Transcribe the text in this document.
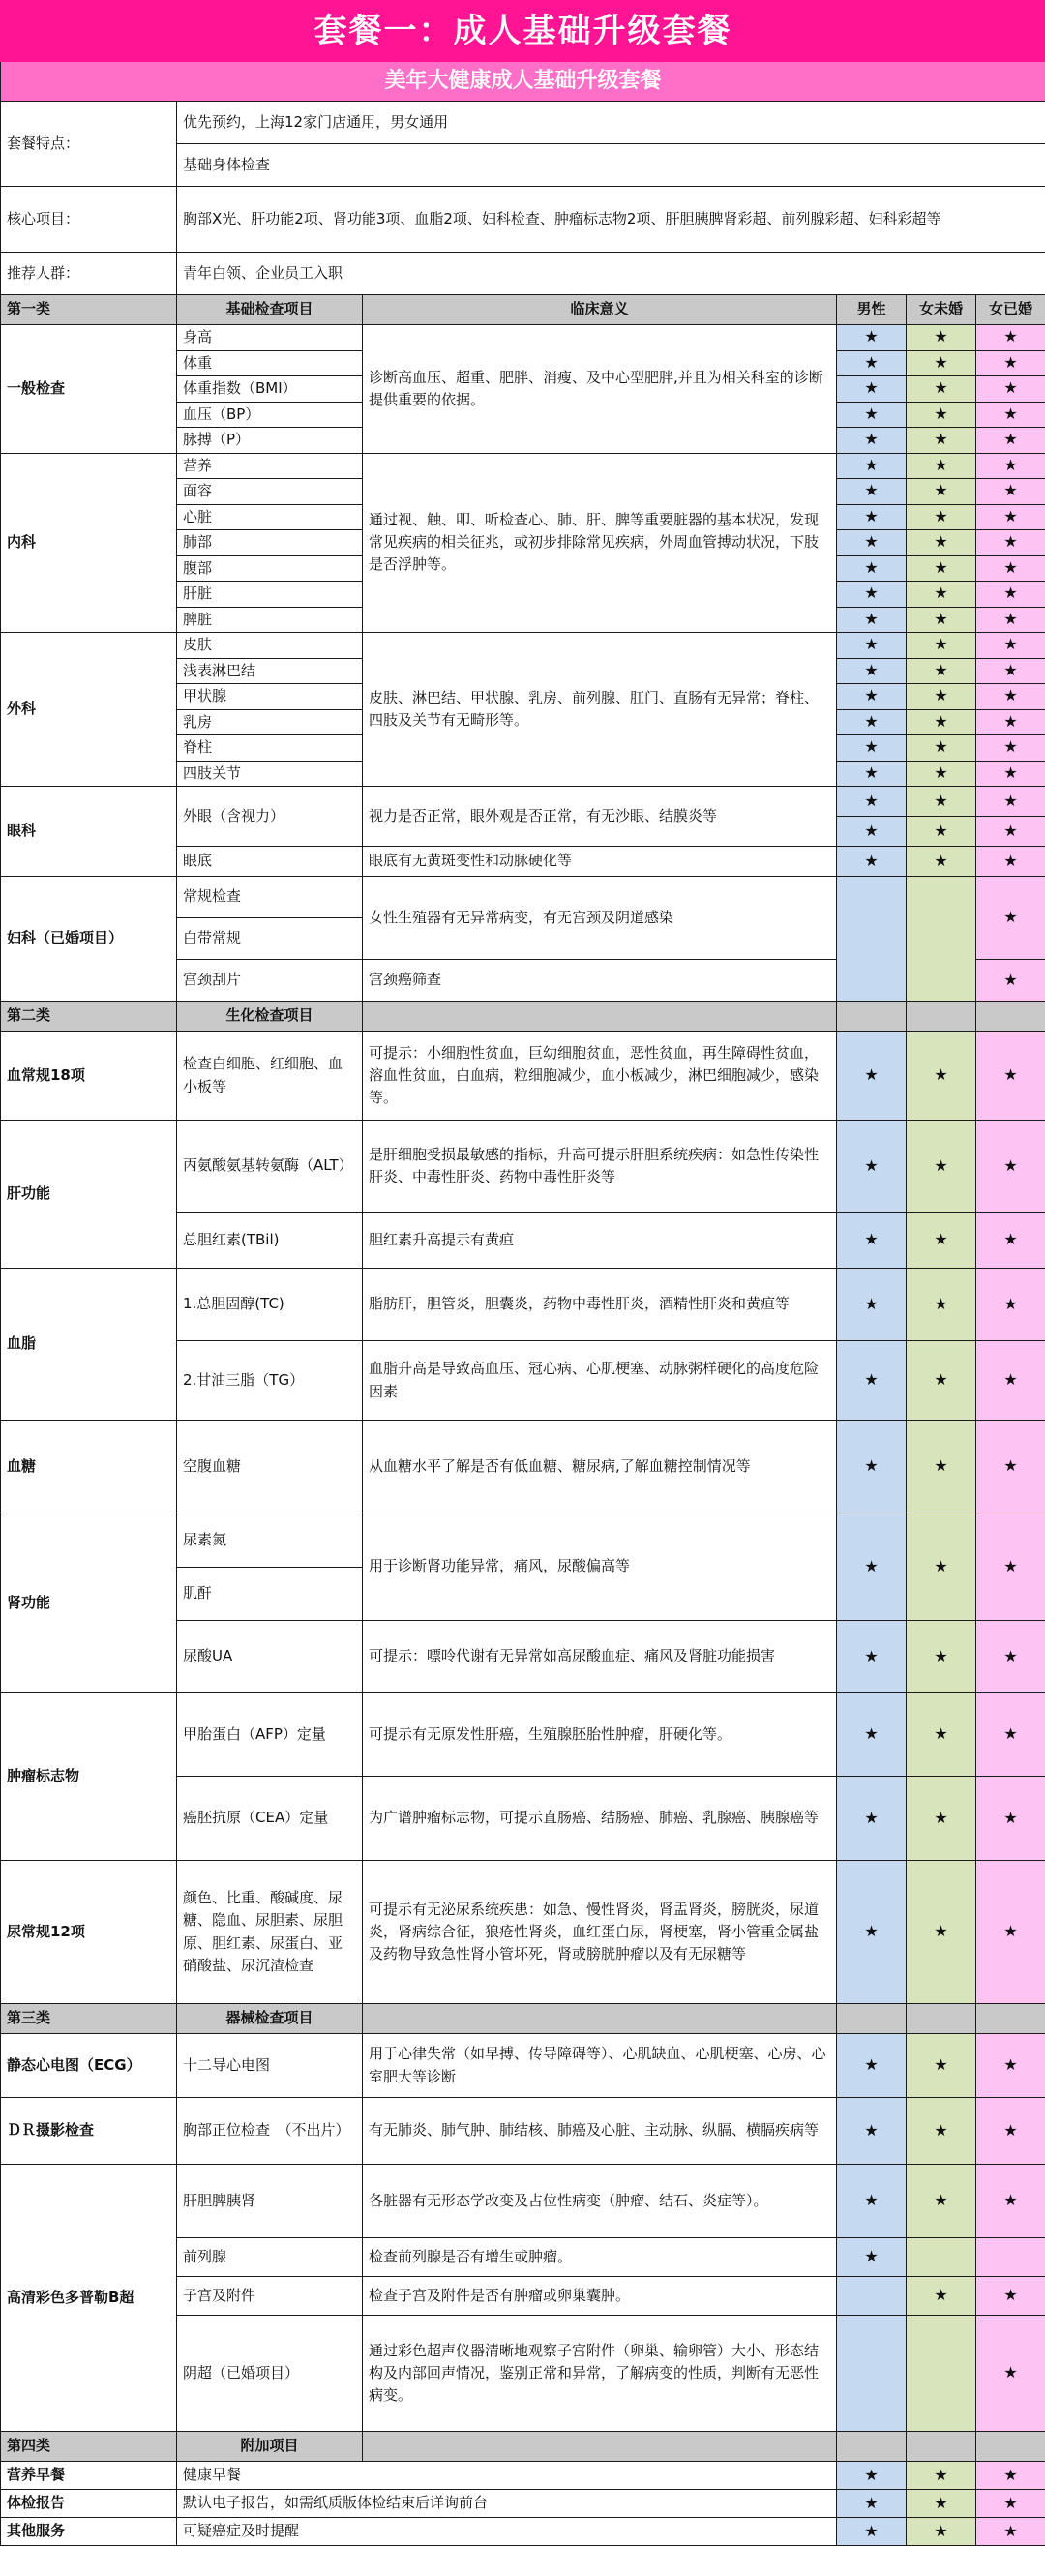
套餐一：成人基础升级套餐					
美年大健康成人基础升级套餐					
套餐特点：	优先预约，上海12家门店通用，男女通用				
	基础身体检查				
核心项目：	胸部X光、肝功能2项、肾功能3项、血脂2项、妇科检查、肿瘤标志物2项、肝胆胰脾肾彩超、前列腺彩超、妇科彩超等				
推荐人群：	青年白领、企业员工入职				
第一类	基础检查项目	临床意义	男性	女未婚	女已婚
一般检查	身高	诊断高血压、超重、肥胖、消瘦、及中心型肥胖,并且为相关科室的诊断提供重要的依据。	★	★	★
	体重		★	★	★
	体重指数（BMI）		★	★	★
	血压（BP）		★	★	★
	脉搏（P）		★	★	★
内科	营养	通过视、触、叩、听检查心、肺、肝、脾等重要脏器的基本状况，发现常见疾病的相关征兆，或初步排除常见疾病，外周血管搏动状况，下肢是否浮肿等。	★	★	★
	面容		★	★	★
	心脏		★	★	★
	肺部		★	★	★
	腹部		★	★	★
	肝脏		★	★	★
	脾脏		★	★	★
外科	皮肤	皮肤、淋巴结、甲状腺、乳房、前列腺、肛门、直肠有无异常；脊柱、四肢及关节有无畸形等。	★	★	★
	浅表淋巴结		★	★	★
	甲状腺		★	★	★
	乳房		★	★	★
	脊柱		★	★	★
	四肢关节		★	★	★
眼科	外眼（含视力）	视力是否正常，眼外观是否正常，有无沙眼、结膜炎等	★	★	★
			★	★	★
	眼底	眼底有无黄斑变性和动脉硬化等	★	★	★
妇科（已婚项目）	常规检查	女性生殖器有无异常病变，有无宫颈及阴道感染			★
	白带常规				
	宫颈刮片	宫颈癌筛查			★
第二类	生化检查项目				
血常规18项	检查白细胞、红细胞、血小板等	可提示：小细胞性贫血，巨幼细胞贫血，恶性贫血，再生障碍性贫血，溶血性贫血，白血病，粒细胞减少，血小板减少，淋巴细胞减少，感染等。	★	★	★
肝功能	丙氨酸氨基转氨酶（ALT）	是肝细胞受损最敏感的指标，升高可提示肝胆系统疾病：如急性传染性肝炎、中毒性肝炎、药物中毒性肝炎等	★	★	★
	总胆红素(TBil)	胆红素升高提示有黄疸	★	★	★
血脂	1.总胆固醇(TC)	脂肪肝，胆管炎，胆囊炎，药物中毒性肝炎，酒精性肝炎和黄疸等	★	★	★
	2.甘油三脂（TG）	血脂升高是导致高血压、冠心病、心肌梗塞、动脉粥样硬化的高度危险因素	★	★	★
血糖	空腹血糖	从血糖水平了解是否有低血糖、糖尿病,了解血糖控制情况等	★	★	★
肾功能	尿素氮	用于诊断肾功能异常，痛风，尿酸偏高等	★	★	★
	肌酐				
	尿酸UA	可提示：嘌呤代谢有无异常如高尿酸血症、痛风及肾脏功能损害	★	★	★
肿瘤标志物	甲胎蛋白（AFP）定量	可提示有无原发性肝癌，生殖腺胚胎性肿瘤，肝硬化等。	★	★	★
	癌胚抗原（CEA）定量	为广谱肿瘤标志物，可提示直肠癌、结肠癌、肺癌、乳腺癌、胰腺癌等	★	★	★
尿常规12项	颜色、比重、酸碱度、尿糖、隐血、尿胆素、尿胆原、胆红素、尿蛋白、亚硝酸盐、尿沉渣检查	可提示有无泌尿系统疾患：如急、慢性肾炎，肾盂肾炎，膀胱炎，尿道炎，肾病综合征，狼疮性肾炎，血红蛋白尿，肾梗塞，肾小管重金属盐及药物导致急性肾小管坏死，肾或膀胱肿瘤以及有无尿糖等	★	★	★
第三类	器械检查项目				
静态心电图（ECG）	十二导心电图	用于心律失常（如早搏、传导障碍等）、心肌缺血、心肌梗塞、心房、心室肥大等诊断	★	★	★
ＤＲ摄影检查	胸部正位检查　（不出片）	有无肺炎、肺气肿、肺结核、肺癌及心脏、主动脉、纵膈、横膈疾病等	★	★	★
高清彩色多普勒B超	肝胆脾胰肾	各脏器有无形态学改变及占位性病变（肿瘤、结石、炎症等）。	★	★	★
	前列腺	检查前列腺是否有增生或肿瘤。	★		
	子宫及附件	检查子宫及附件是否有肿瘤或卵巢囊肿。		★	★
	阴超（已婚项目）	通过彩色超声仪器清晰地观察子宫附件（卵巢、输卵管）大小、形态结构及内部回声情况，鉴别正常和异常，了解病变的性质，判断有无恶性病变。			★
第四类	附加项目				
营养早餐	健康早餐		★	★	★
体检报告	默认电子报告，如需纸质版体检结束后详询前台		★	★	★
其他服务	可疑癌症及时提醒		★	★	★
